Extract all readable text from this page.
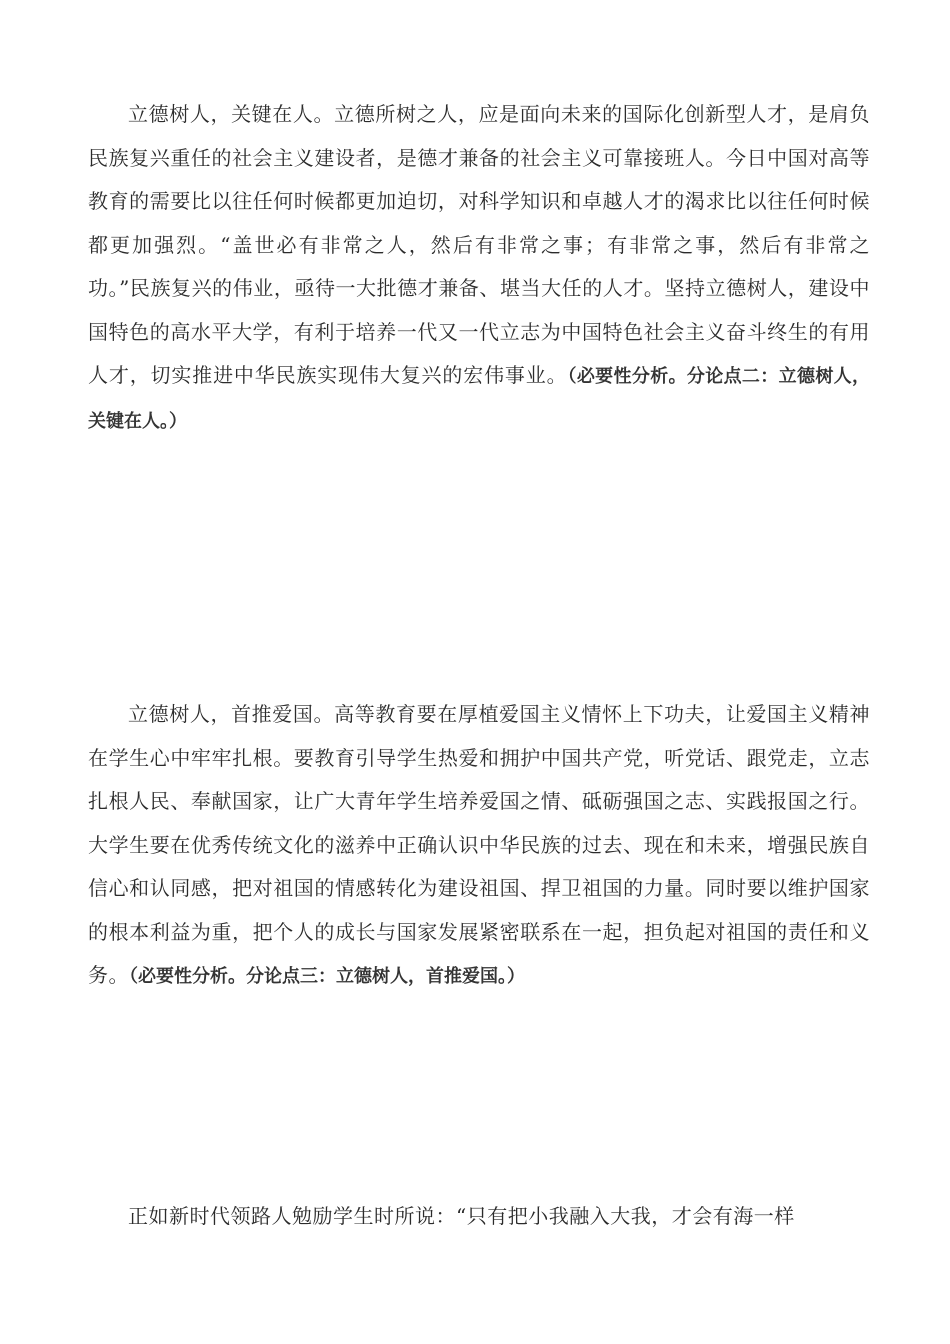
立德树人，关键在人。立德所树之人，应是面向未来的国际化创新型人才，是肩负民族复兴重任的社会主义建设者，是德才兼备的社会主义可靠接班人。今日中国对高等教育的需要比以往任何时候都更加迫切，对科学知识和卓越人才的渴求比以往任何时候都更加强烈。“盖世必有非常之人，然后有非常之事；有非常之事，然后有非常之功。”民族复兴的伟业，亟待一大批德才兼备、堪当大任的人才。坚持立德树人，建设中国特色的高水平大学，有利于培养一代又一代立志为中国特色社会主义奋斗终生的有用人才，切实推进中华民族实现伟大复兴的宏伟事业。（必要性分析。分论点二：立德树人，关键在人。）

立德树人，首推爱国。高等教育要在厚植爱国主义情怀上下功夫，让爱国主义精神在学生心中牢牢扎根。要教育引导学生热爱和拥护中国共产党，听党话、跟党走，立志扎根人民、奉献国家，让广大青年学生培养爱国之情、砥砺强国之志、实践报国之行。大学生要在优秀传统文化的滋养中正确认识中华民族的过去、现在和未来，增强民族自信心和认同感，把对祖国的情感转化为建设祖国、捍卫祖国的力量。同时要以维护国家的根本利益为重，把个人的成长与国家发展紧密联系在一起，担负起对祖国的责任和义务。（必要性分析。分论点三：立德树人，首推爱国。）

正如新时代领路人勉励学生时所说：“只有把小我融入大我，才会有海一样
